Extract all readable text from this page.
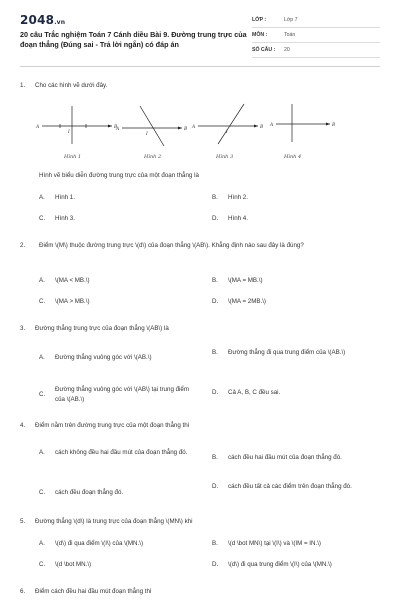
2048.vn
20 câu Trắc nghiệm Toán 7 Cánh diều Bài 9. Đường trung trực của đoạn thẳng (Đúng sai - Trả lời ngắn) có đáp án
LỚP :	Lớp 7
MÔN :	Toán
SỐ CÂU :	20
1. Cho các hình vẽ dưới đây.
A	B
I
A	B
I
A	B
I
A	B
Hình 1	Hình 2	Hình 3	Hình 4
Hình vẽ biểu diễn đường trung trực của một đoạn thẳng là
A.	Hình 1.	B.	Hình 2.
C.	Hình 3.	D.	Hình 4.
2. Điểm \(M\) thuộc đường trung trực \(d\) của đoạn thẳng \(AB\). Khẳng định nào sau đây là đúng?
A.	\(MA < MB.\)	B.	\(MA = MB.\)
C.	\(MA > MB.\)	D.	\(MA = 2MB.\)
3. Đường thẳng trung trực của đoạn thẳng \(AB\) là
A.	Đường thẳng vuông góc với \(AB.\)
B.	Đường thẳng đi qua trung điểm của \(AB.\)
C.
Đường thẳng vuông góc với \(AB\) tại trung điểm của \(AB.\)
D.	Cả A, B, C đều sai.
4. Điểm nằm trên đường trung trực của một đoạn thẳng thì
A.	cách không đều hai đầu mút của đoạn thẳng đó.
B.	cách đều hai đầu mút của đoạn thẳng đó.
C.	cách đều đoạn thẳng đó.
D.	cách đều tất cả các điểm trên đoạn thẳng đó.
5. Đường thẳng \(d\) là trung trực của đoạn thẳng \(MN\) khi
A.	\(d\) đi qua điểm \(I\) của \(MN.\)	B.	\(d \bot MN\) tại \(I\) và \(IM = IN.\)
C.	\(d \bot MN.\)	D.	\(d\) đi qua trung điểm \(I\) của \(MN.\)
6. Điểm cách đều hai đầu mút đoạn thẳng thì
